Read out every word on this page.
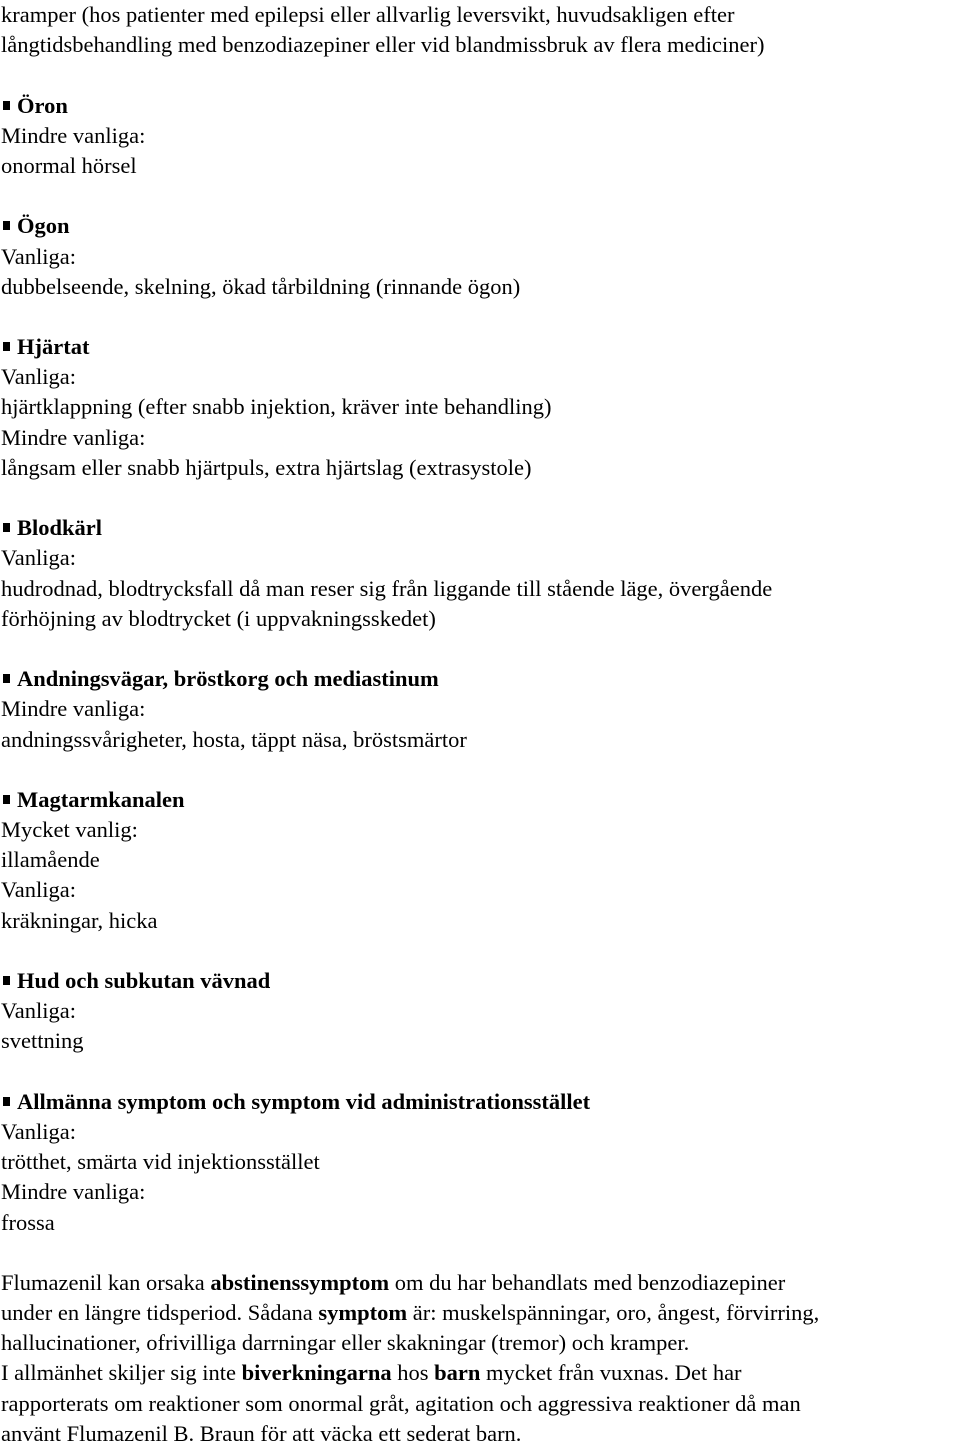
kramper (hos patienter med epilepsi eller allvarlig leversvikt, huvudsakligen efter
långtidsbehandling med benzodiazepiner eller vid blandmissbruk av flera mediciner)
Öron
Mindre vanliga:
onormal hörsel
Ögon
Vanliga:
dubbelseende, skelning, ökad tårbildning (rinnande ögon)
Hjärtat
Vanliga:
hjärtklappning (efter snabb injektion, kräver inte behandling)
Mindre vanliga:
långsam eller snabb hjärtpuls, extra hjärtslag (extrasystole)
Blodkärl
Vanliga:
hudrodnad, blodtrycksfall då man reser sig från liggande till stående läge, övergående
förhöjning av blodtrycket (i uppvakningsskedet)
Andningsvägar, bröstkorg och mediastinum
Mindre vanliga:
andningssvårigheter, hosta, täppt näsa, bröstsmärtor
Magtarmkanalen
Mycket vanlig:
illamående
Vanliga:
kräkningar, hicka
Hud och subkutan vävnad
Vanliga:
svettning
Allmänna symptom och symptom vid administrationsstället
Vanliga:
trötthet, smärta vid injektionsstället
Mindre vanliga:
frossa
Flumazenil kan orsaka abstinenssymptom om du har behandlats med benzodiazepiner
under en längre tidsperiod. Sådana symptom är: muskelspänningar, oro, ångest, förvirring,
hallucinationer, ofrivilliga darrningar eller skakningar (tremor) och kramper.
I allmänhet skiljer sig inte biverkningarna hos barn mycket från vuxnas. Det har
rapporterats om reaktioner som onormal gråt, agitation och aggressiva reaktioner då man
använt Flumazenil B. Braun för att väcka ett sederat barn.
